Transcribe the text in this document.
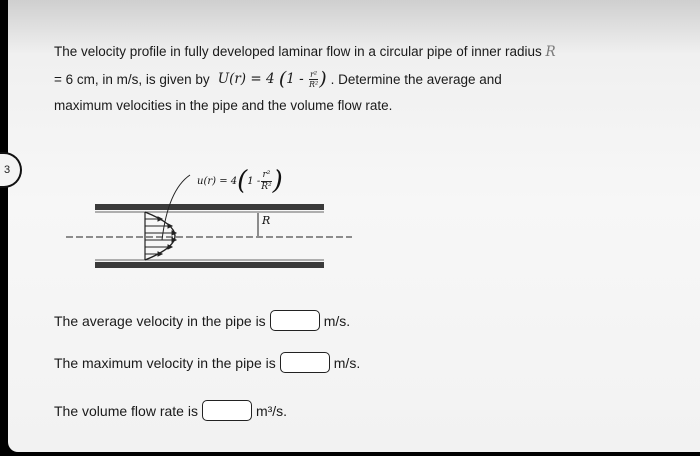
3
The velocity profile in fully developed laminar flow in a circular pipe of inner radius R
= 6 cm, in m/s, is given by U(r) = 4 ($1 - \frac{\text{r²}}{\text{R²}}$ ) . Determine the average and
maximum velocities in the pipe and the volume flow rate.
u(r) = 4 ( $1 - \frac{\text{r²}}{\text{R²}}$ )
R
The average velocity in the pipe is	m/s.
The maximum velocity in the pipe is	m/s.
The volume flow rate is	m³/s.
